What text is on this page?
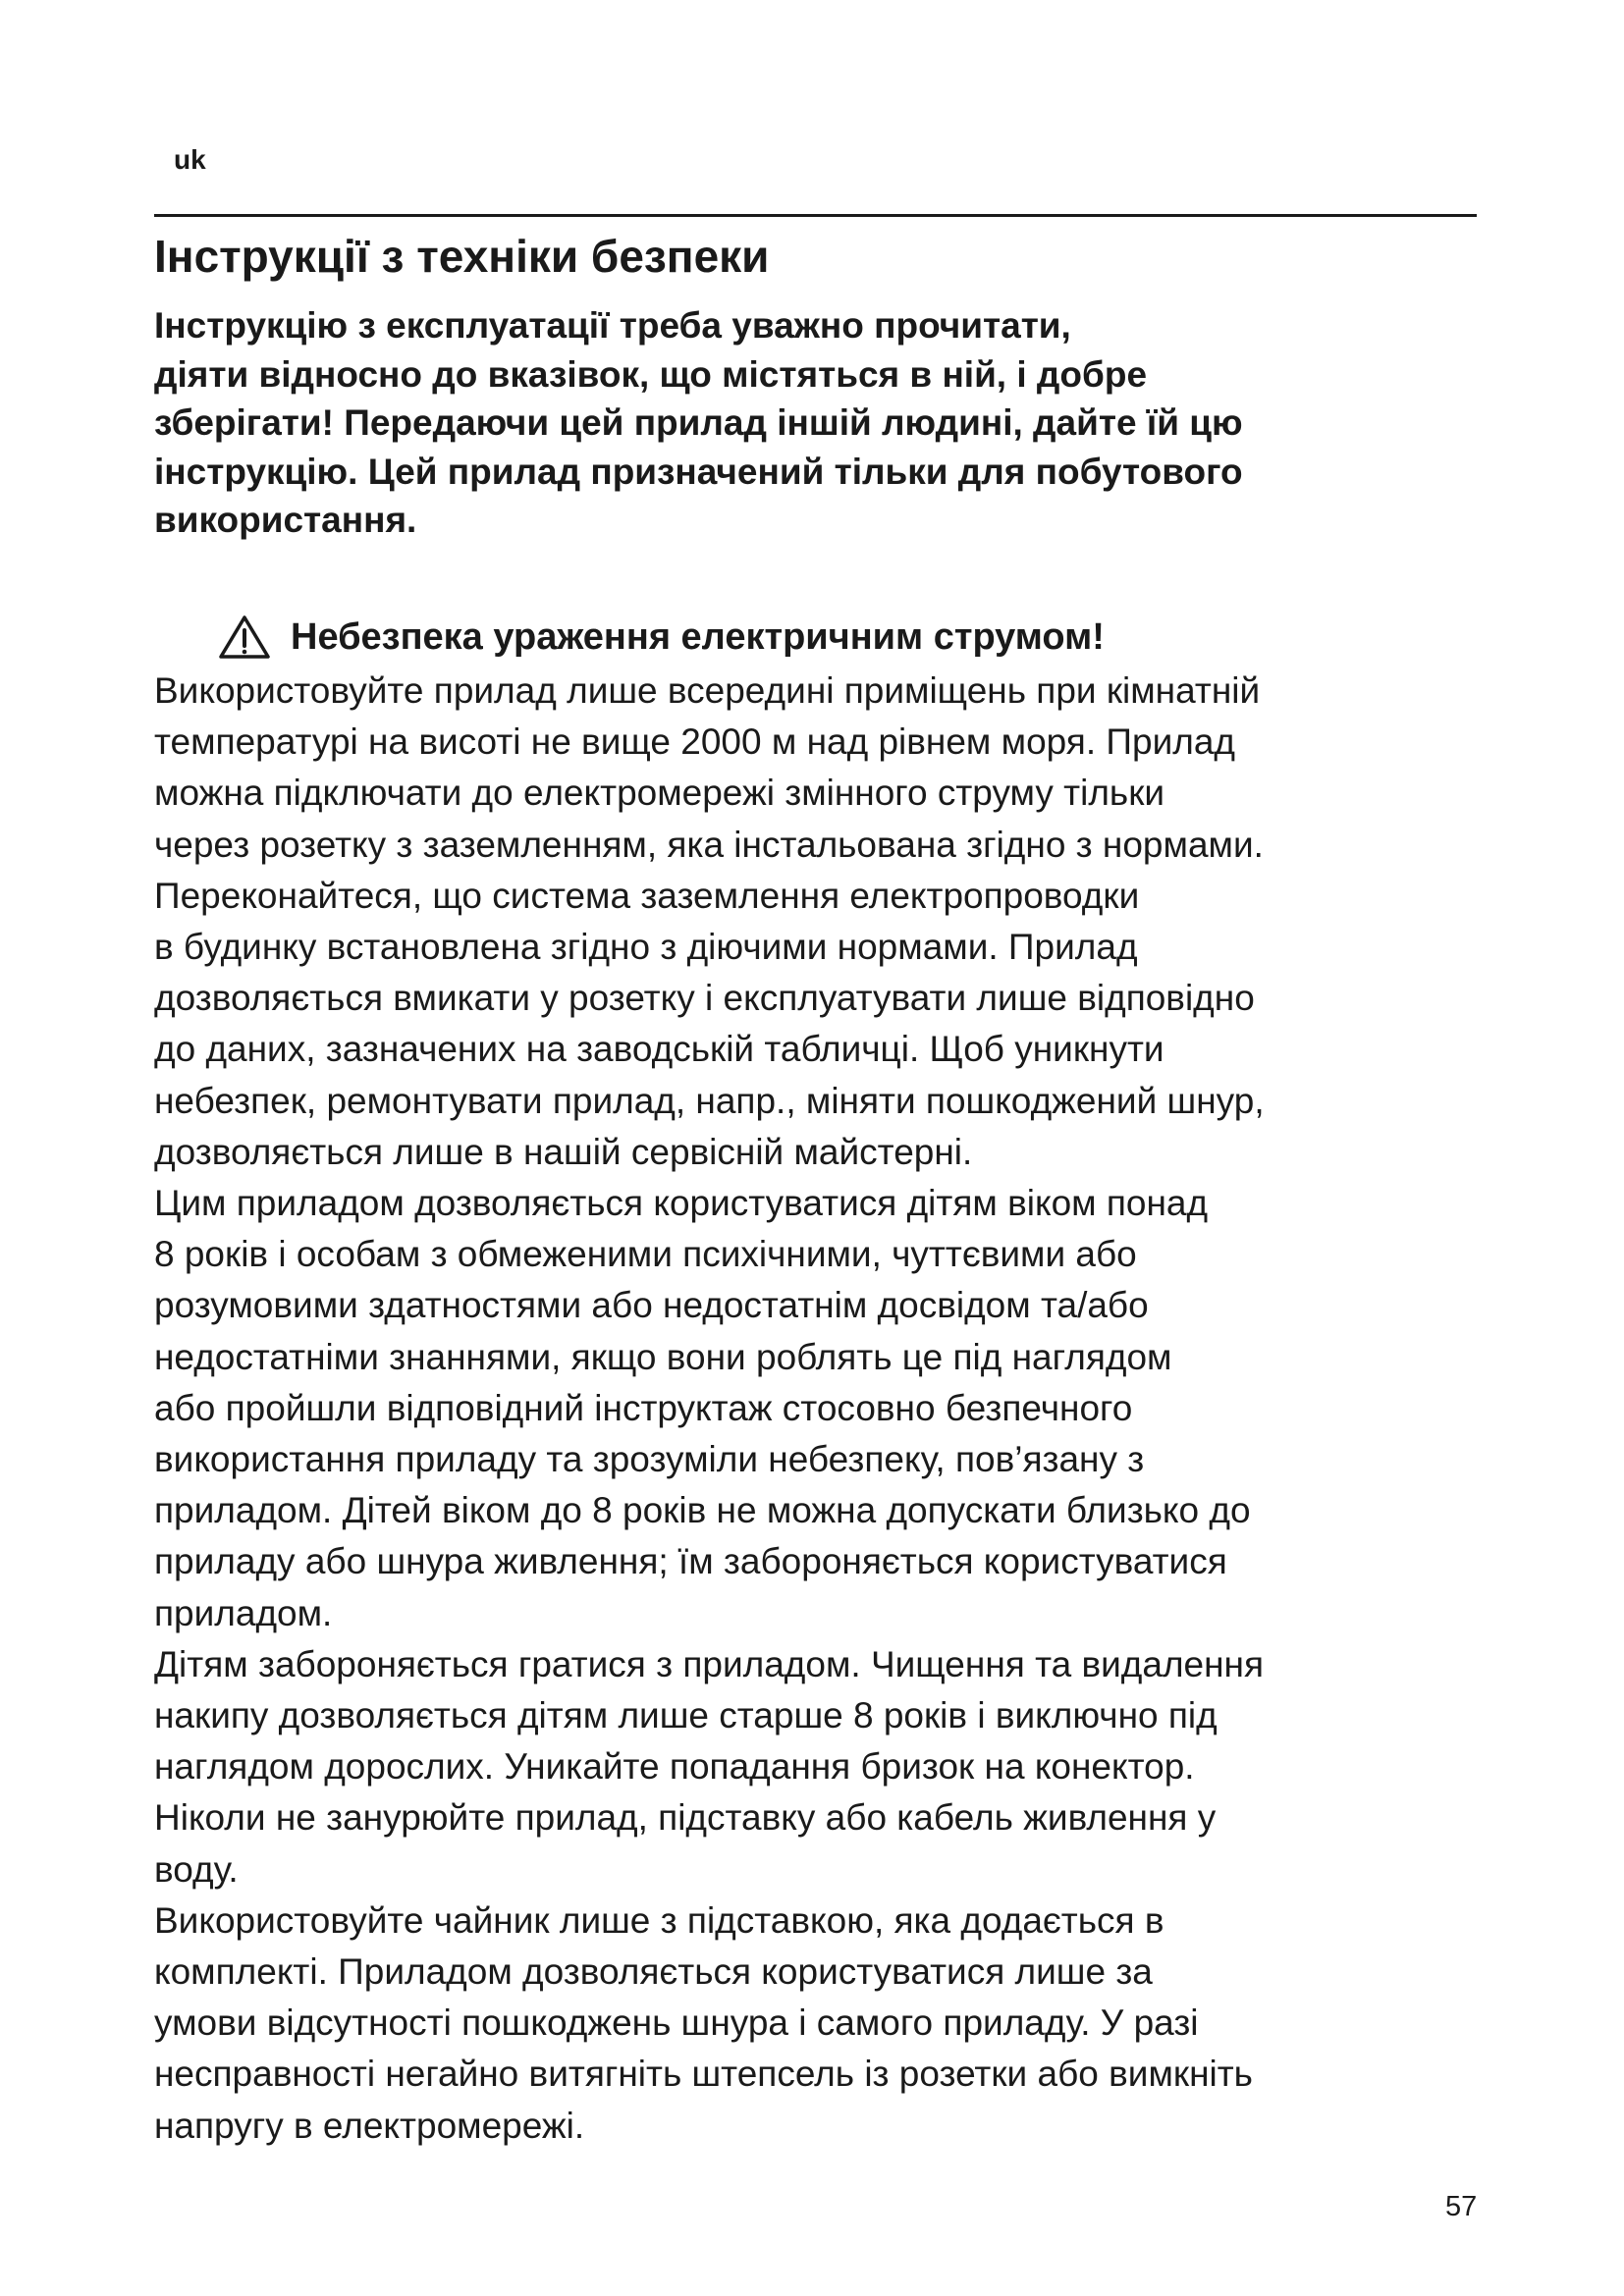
uk
Інструкції з техніки безпеки
Інструкцію з експлуатації треба уважно прочитати,
діяти відносно до вказівок, що містяться в ній, і добре
зберігати! Передаючи цей прилад іншій людині, дайте їй цю
інструкцію. Цей прилад призначений тільки для побутового
використання.
Небезпека ураження електричним струмом!

Використовуйте прилад лише всередині приміщень при кімнатній
температурі на висоті не вище 2000 м над рівнем моря. Прилад
можна підключати до електромережі змінного струму тільки
через розетку з заземленням, яка інстальована згідно з нормами.
Переконайтеся, що система заземлення електропроводки
в будинку встановлена згідно з діючими нормами. Прилад
дозволяється вмикати у розетку і експлуатувати лише відповідно
до даних, зазначених на заводській табличці. Щоб уникнути
небезпек, ремонтувати прилад, напр., міняти пошкоджений шнур,
дозволяється лише в нашій сервісній майстерні.

Цим приладом дозволяється користуватися дітям віком понад
8 років і особам з обмеженими психічними, чуттєвими або
розумовими здатностями або недостатнім досвідом та/або
недостатніми знаннями, якщо вони роблять це під наглядом
або пройшли відповідний інструктаж стосовно безпечного
використання приладу та зрозуміли небезпеку, пов’язану з
приладом. Дітей віком до 8 років не можна допускати близько до
приладу або шнура живлення; їм забороняється користуватися
приладом.

Дітям забороняється гратися з приладом. Чищення та видалення
накипу дозволяється дітям лише старше 8 років і виключно під
наглядом дорослих. Уникайте попадання бризок на конектор.
Ніколи не занурюйте прилад, підставку або кабель живлення у
воду.

Використовуйте чайник лише з підставкою, яка додається в
комплекті. Приладом дозволяється користуватися лише за
умови відсутності пошкоджень шнура і самого приладу. У разі
несправності негайно витягніть штепсель із розетки або вимкніть
напругу в електромережі.

57
